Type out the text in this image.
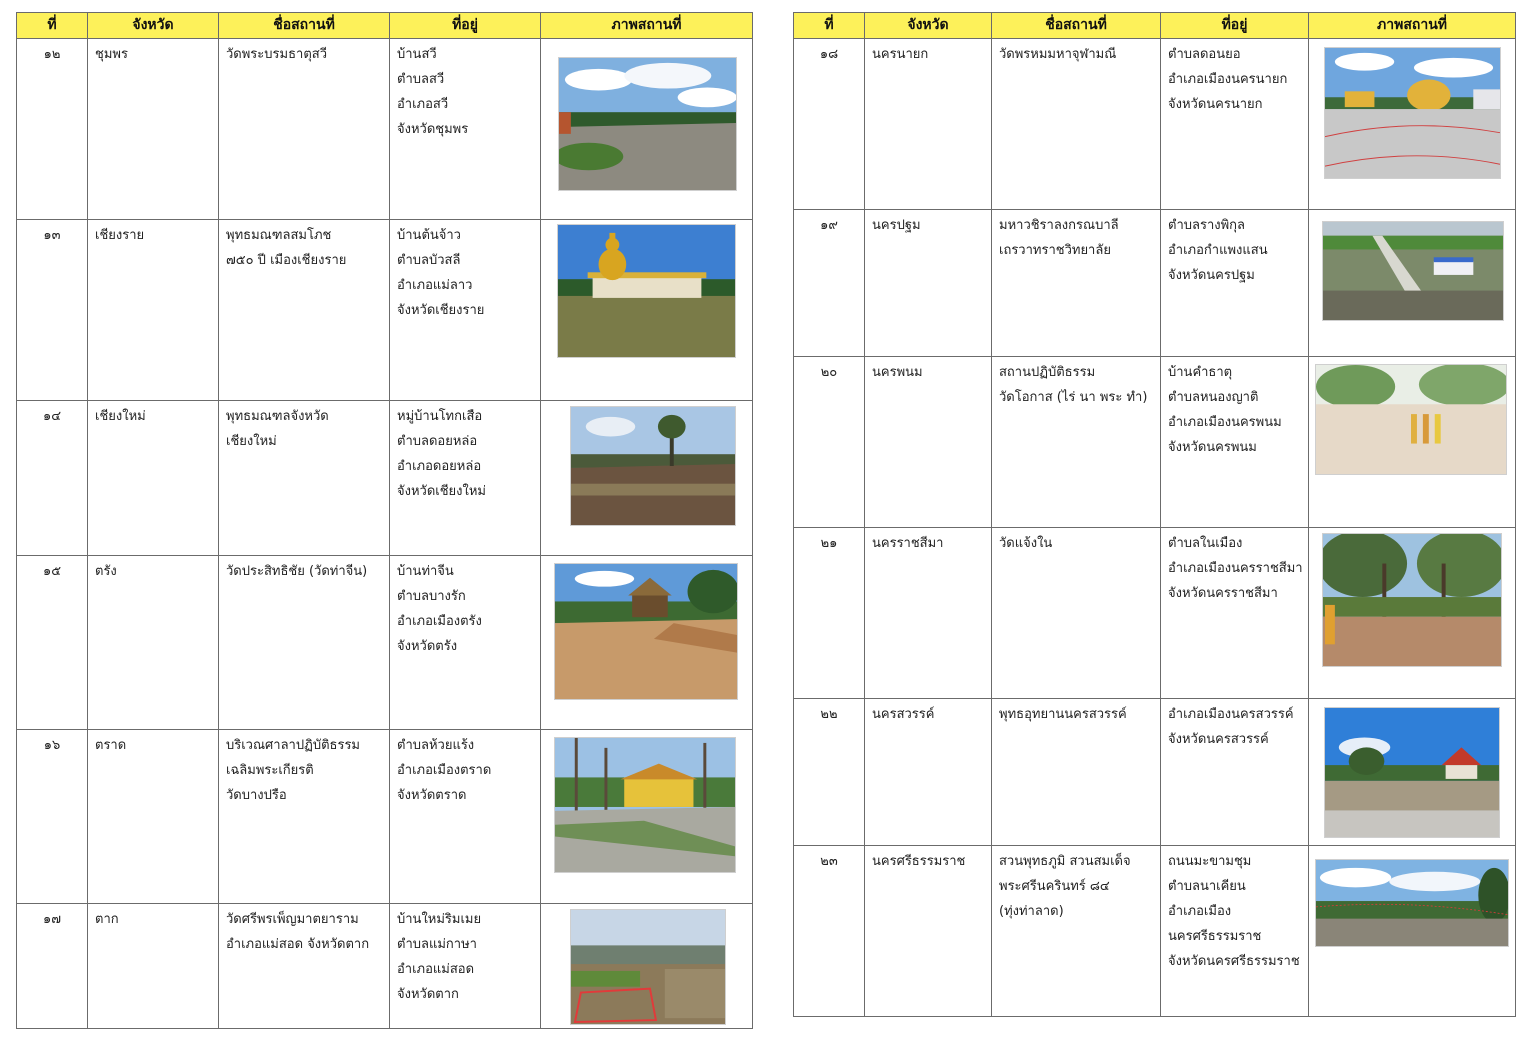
ที่	จังหวัด	ชื่อสถานที่	ที่อยู่	ภาพสถานที่
๑๒	ชุมพร	วัดพระบรมธาตุสวี	บ้านสวี
ตำบลสวี
อำเภอสวี
จังหวัดชุมพร	

๑๓	เชียงราย	พุทธมณฑลสมโภช
๗๕๐ ปี เมืองเชียงราย	บ้านต้นจ้าว
ตำบลบัวสลี
อำเภอแม่ลาว
จังหวัดเชียงราย	

๑๔	เชียงใหม่	พุทธมณฑลจังหวัด
เชียงใหม่	หมู่บ้านโทกเสือ
ตำบลดอยหล่อ
อำเภอดอยหล่อ
จังหวัดเชียงใหม่	

๑๕	ตรัง	วัดประสิทธิชัย (วัดท่าจีน)	บ้านท่าจีน
ตำบลบางรัก
อำเภอเมืองตรัง
จังหวัดตรัง	

๑๖	ตราด	บริเวณศาลาปฏิบัติธรรม
เฉลิมพระเกียรติ
วัดบางปรือ	ตำบลห้วยแร้ง
อำเภอเมืองตราด
จังหวัดตราด	

๑๗	ตาก	วัดศรีพรเพ็ญมาตยาราม
อำเภอแม่สอด จังหวัดตาก	บ้านใหม่ริมเมย
ตำบลแม่กาษา
อำเภอแม่สอด
จังหวัดตาก	
ที่	จังหวัด	ชื่อสถานที่	ที่อยู่	ภาพสถานที่
๑๘	นครนายก	วัดพรหมมหาจุฬามณี	ตำบลดอนยอ
อำเภอเมืองนครนายก
จังหวัดนครนายก	

๑๙	นครปฐม	มหาวชิราลงกรณบาลี
เถรวาทราชวิทยาลัย	ตำบลรางพิกุล
อำเภอกำแพงแสน
จังหวัดนครปฐม	

๒๐	นครพนม	สถานปฏิบัติธรรม
วัดโอกาส (ไร่ นา พระ ทำ)	บ้านคำธาตุ
ตำบลหนองญาติ
อำเภอเมืองนครพนม
จังหวัดนครพนม	

๒๑	นครราชสีมา	วัดแจ้งใน	ตำบลในเมือง
อำเภอเมืองนครราชสีมา
จังหวัดนครราชสีมา	

๒๒	นครสวรรค์	พุทธอุทยานนครสวรรค์	อำเภอเมืองนครสวรรค์
จังหวัดนครสวรรค์	

๒๓	นครศรีธรรมราช	สวนพุทธภูมิ สวนสมเด็จ
พระศรีนครินทร์ ๘๔
(ทุ่งท่าลาด)	ถนนมะขามชุม
ตำบลนาเคียน
อำเภอเมือง
นครศรีธรรมราช
จังหวัดนครศรีธรรมราช	
